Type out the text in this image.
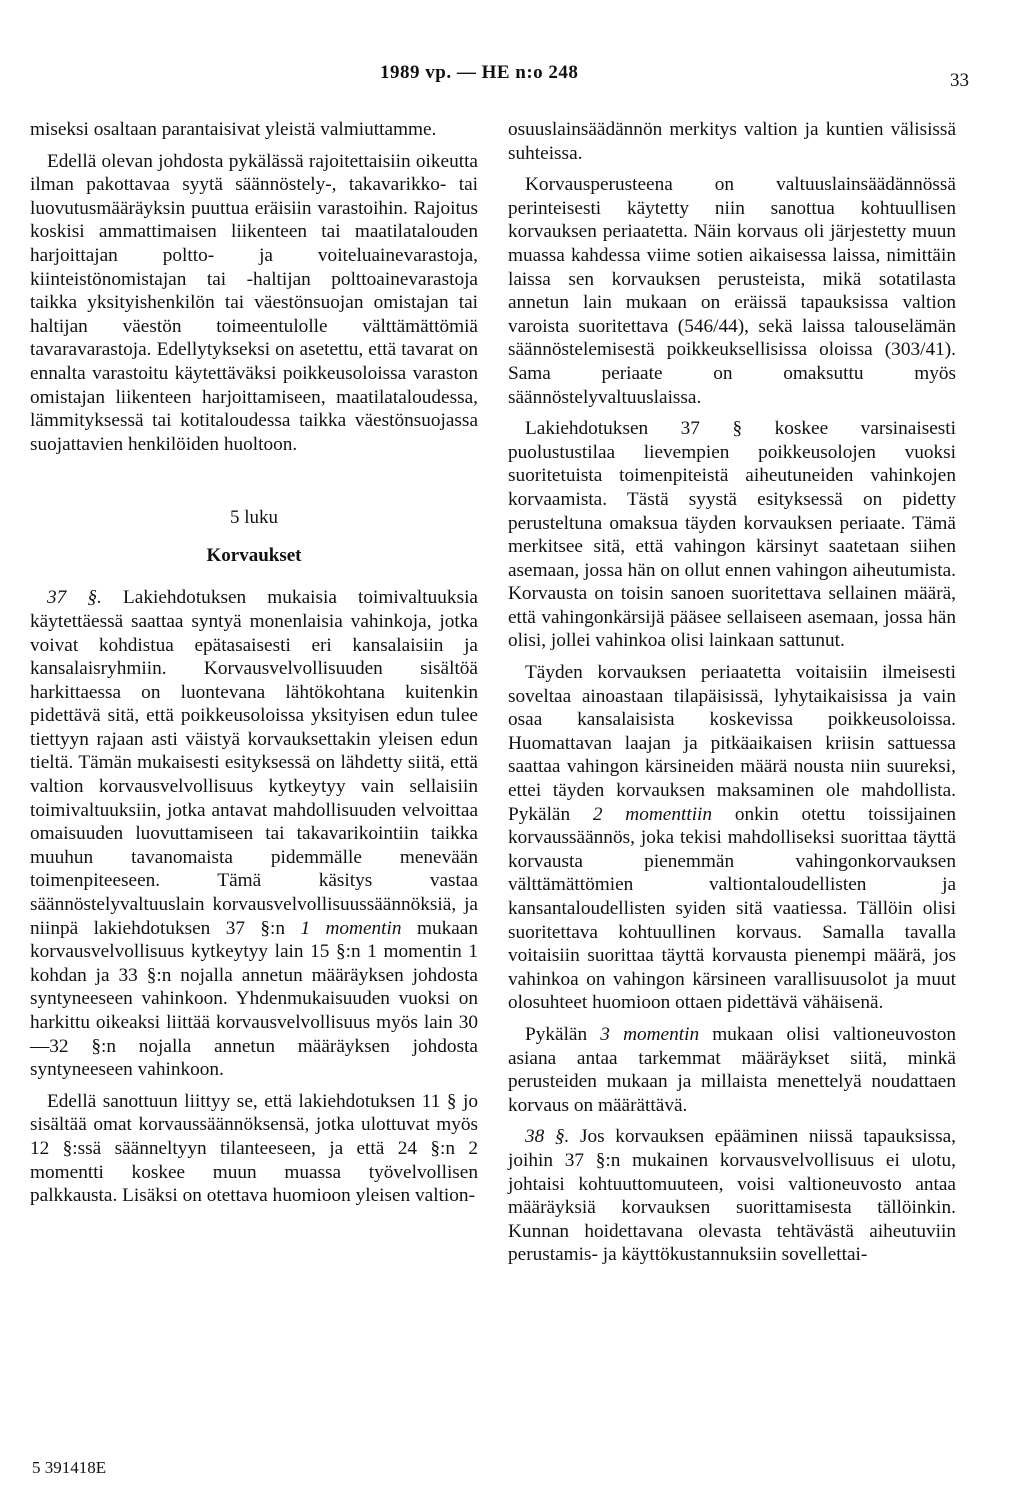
1989 vp. — HE n:o 248	33

miseksi osaltaan parantaisivat yleistä valmiuttamme.

Edellä olevan johdosta pykälässä rajoitettaisiin oikeutta ilman pakottavaa syytä säännöstely-, takavarikko- tai luovutusmääräyksin puuttua eräisiin varastoihin. Rajoitus koskisi ammattimaisen liikenteen tai maatilatalouden harjoittajan poltto- ja voiteluainevarastoja, kiinteistönomistajan tai -haltijan polttoainevarastoja taikka yksityishenkilön tai väestönsuojan omistajan tai haltijan väestön toimeentulolle välttämättömiä tavaravarastoja. Edellytykseksi on asetettu, että tavarat on ennalta varastoitu käytettäväksi poikkeusoloissa varaston omistajan liikenteen harjoittamiseen, maatilataloudessa, lämmityksessä tai kotitaloudessa taikka väestönsuojassa suojattavien henkilöiden huoltoon.

5 luku
Korvaukset

37 §. Lakiehdotuksen mukaisia toimivaltuuksia käytettäessä saattaa syntyä monenlaisia vahinkoja, jotka voivat kohdistua epätasaisesti eri kansalaisiin ja kansalaisryhmiin. Korvausvelvollisuuden sisältöä harkittaessa on luontevana lähtökohtana kuitenkin pidettävä sitä, että poikkeusoloissa yksityisen edun tulee tiettyyn rajaan asti väistyä korvauksettakin yleisen edun tieltä. Tämän mukaisesti esityksessä on lähdetty siitä, että valtion korvausvelvollisuus kytkeytyy vain sellaisiin toimivaltuuksiin, jotka antavat mahdollisuuden velvoittaa omaisuuden luovuttamiseen tai takavarikointiin taikka muuhun tavanomaista pidemmälle menevään toimenpiteeseen. Tämä käsitys vastaa säännöstelyvaltuuslain korvausvelvollisuussäännöksiä, ja niinpä lakiehdotuksen 37 §:n 1 momentin mukaan korvausvelvollisuus kytkeytyy lain 15 §:n 1 momentin 1 kohdan ja 33 §:n nojalla annetun määräyksen johdosta syntyneeseen vahinkoon. Yhdenmukaisuuden vuoksi on harkittu oikeaksi liittää korvausvelvollisuus myös lain 30—32 §:n nojalla annetun määräyksen johdosta syntyneeseen vahinkoon.

Edellä sanottuun liittyy se, että lakiehdotuksen 11 § jo sisältää omat korvaussäännöksensä, jotka ulottuvat myös 12 §:ssä säänneltyyn tilanteeseen, ja että 24 §:n 2 momentti koskee muun muassa työvelvollisen palkkausta. Lisäksi on otettava huomioon yleisen valtion-

osuuslainsäädännön merkitys valtion ja kuntien välisissä suhteissa.

Korvausperusteena on valtuuslainsäädännössä perinteisesti käytetty niin sanottua kohtuullisen korvauksen periaatetta. Näin korvaus oli järjestetty muun muassa kahdessa viime sotien aikaisessa laissa, nimittäin laissa sen korvauksen perusteista, mikä sotatilasta annetun lain mukaan on eräissä tapauksissa valtion varoista suoritettava (546/44), sekä laissa talouselämän säännöstelemisestä poikkeuksellisissa oloissa (303/41). Sama periaate on omaksuttu myös säännöstelyvaltuuslaissa.

Lakiehdotuksen 37 § koskee varsinaisesti puolustustilaa lievempien poikkeusolojen vuoksi suoritetuista toimenpiteistä aiheutuneiden vahinkojen korvaamista. Tästä syystä esityksessä on pidetty perusteltuna omaksua täyden korvauksen periaate. Tämä merkitsee sitä, että vahingon kärsinyt saatetaan siihen asemaan, jossa hän on ollut ennen vahingon aiheutumista. Korvausta on toisin sanoen suoritettava sellainen määrä, että vahingonkärsijä pääsee sellaiseen asemaan, jossa hän olisi, jollei vahinkoa olisi lainkaan sattunut.

Täyden korvauksen periaatetta voitaisiin ilmeisesti soveltaa ainoastaan tilapäisissä, lyhytaikaisissa ja vain osaa kansalaisista koskevissa poikkeusoloissa. Huomattavan laajan ja pitkäaikaisen kriisin sattuessa saattaa vahingon kärsineiden määrä nousta niin suureksi, ettei täyden korvauksen maksaminen ole mahdollista. Pykälän 2 momenttiin onkin otettu toissijainen korvaussäännös, joka tekisi mahdolliseksi suorittaa täyttä korvausta pienemmän vahingonkorvauksen välttämättömien valtiontaloudellisten ja kansantaloudellisten syiden sitä vaatiessa. Tällöin olisi suoritettava kohtuullinen korvaus. Samalla tavalla voitaisiin suorittaa täyttä korvausta pienempi määrä, jos vahinkoa on vahingon kärsineen varallisuusolot ja muut olosuhteet huomioon ottaen pidettävä vähäisenä.

Pykälän 3 momentin mukaan olisi valtioneuvoston asiana antaa tarkemmat määräykset siitä, minkä perusteiden mukaan ja millaista menettelyä noudattaen korvaus on määrättävä.

38 §. Jos korvauksen epääminen niissä tapauksissa, joihin 37 §:n mukainen korvausvelvollisuus ei ulotu, johtaisi kohtuuttomuuteen, voisi valtioneuvosto antaa määräyksiä korvauksen suorittamisesta tällöinkin. Kunnan hoidettavana olevasta tehtävästä aiheutuviin perustamis- ja käyttökustannuksiin sovellettai-

5 391418E
